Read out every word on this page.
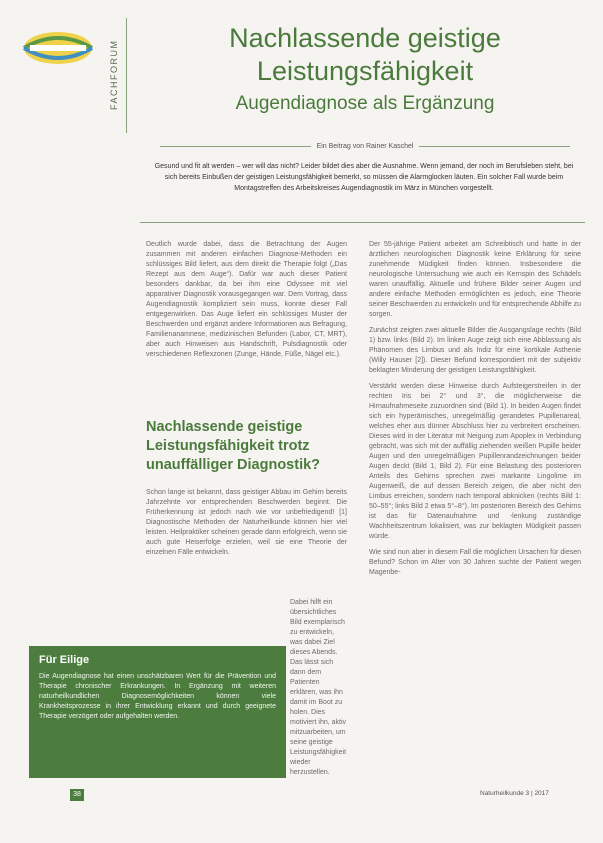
FACHFORUM
Nachlassende geistige
Leistungsfähigkeit
Augendiagnose als Ergänzung
Ein Beitrag von Rainer Kaschel
Gesund und fit alt werden – wer will das nicht? Leider bildet dies aber die Ausnahme. Wenn jemand, der noch im Berufsleben steht, bei sich bereits Einbußen der geistigen Leistungsfähigkeit bemerkt, so müssen die Alarmglocken läuten. Ein solcher Fall wurde beim Montagstreffen des Arbeitskreises Augendiagnostik im März in München vorgestellt.

Deutlich wurde dabei, dass die Betrachtung der Augen zusammen mit anderen einfachen Diagnose-Methoden ein schlüssiges Bild liefert, aus dem direkt die Therapie folgt („Das Rezept aus dem Auge“). Dafür war auch dieser Patient besonders dankbar, da bei ihm eine Odyssee mit viel apparativer Diagnostik vorausgegangen war. Dem Vortrag, dass Augendiagnostik kompliziert sein muss, konnte dieser Fall entgegenwirken. Das Auge liefert ein schlüssiges Muster der Beschwerden und ergänzt andere Informationen aus Befragung, Familienanamnese, medizinischen Befunden (Labor, CT, MRT), aber auch Hinweisen aus Handschrift, Pulsdiagnostik oder verschiedenen Reflexzonen (Zunge, Hände, Füße, Nägel etc.).

Nachlassende geistige Leistungsfähigkeit trotz unauffälliger Diagnostik?

Schon lange ist bekannt, dass geistiger Abbau im Gehirn bereits Jahrzehnte vor entsprechenden Beschwerden beginnt. Die Früherkennung ist jedoch nach wie vor unbefriedigend! [1] Diagnostische Methoden der Naturheilkunde können hier viel leisten. Heilpraktiker scheinen gerade dann erfolgreich, wenn sie auch gute Heiserfolge erzielen, weil sie eine Theorie der einzelnen Fälle entwickeln.

Dabei hilft ein übersichtliches Bild exemplarisch zu entwickeln, was dabei Ziel dieses Abends. Das lässt sich dann dem Patienten erklären, was ihn damit im Boot zu holen. Dies motiviert ihn, aktiv mitzuarbeiten, um seine geistige Leistungsfähigkeit wieder herzustellen.

Der 55-jährige Patient arbeitet am Schreibtisch und hatte in der ärztlichen neurologischen Diagnostik keine Erklärung für seine zunehmende Müdigkeit finden können. Insbesondere die neurologische Untersuchung wie auch ein Kernspin des Schädels waren unauffällig. Aktuelle und frühere Bilder seiner Augen und andere einfache Methoden ermöglichten es jedoch, eine Theorie seiner Beschwerden zu entwickeln und für entsprechende Abhilfe zu sorgen.

Zunächst zeigten zwei aktuelle Bilder die Ausgangslage rechts (Bild 1) bzw. links (Bild 2). Im linken Auge zeigt sich eine Abblassung als Phänomen des Limbus und als Indiz für eine kortikale Asthenie (Willy Hauser [2]). Dieser Befund korrespondiert mit der subjektiv beklagten Minderung der geistigen Leistungsfähigkeit.

Verstärkt werden diese Hinweise durch Aufsteigerstreifen in der rechten Iris bei 2° und 3°, die möglicherweise die Hirnaufnahmeseite zuzuordnen sind (Bild 1). In beiden Augen findet sich ein hyperämisches, unregelmäßig gerandetes Pupillenareal, welches eher aus dünner Abschluss hier zu verbreitert erscheinen. Dieses wird in der Literatur mit Neigung zum Apoplex in Verbindung gebracht, was sich mit der auffällig ziehenden weißen Pupille beider Augen und den unregelmäßigen Pupillenrandzeichnungen beider Augen deckt (Bild 1, Bild 2). Für eine Belastung des posterioren Anteils des Gehirns sprechen zwei markante Lingolime im Augenweiß, die auf dessen Bereich zeigen, die aber nicht den Limbus erreichen, sondern nach temporal abknicken (rechts Bild 1: 50–55°; links Bild 2 etwa 5°–8°). Im posterioren Bereich des Gehirns ist das für Datenaufnahme und -lenkung zuständige Wachheitszentrum lokalisiert, was zur beklagten Müdigkeit passen würde.

Wie sind nun aber in diesem Fall die möglichen Ursachen für diesen Befund? Schon im Alter von 30 Jahren suchte der Patient wegen Magenbe-

Für Eilige
Die Augendiagnose hat einen unschätzbaren Wert für die Prävention und Therapie chronischer Erkrankungen. In Ergänzung mit weiteren naturheilkundlichen Diagnosemöglichkeiten können viele Krankheitsprozesse in ihrer Entwicklung erkannt und durch geeignete Therapie verzögert oder aufgehalten werden.
38	Naturheilkunde 3 | 2017
